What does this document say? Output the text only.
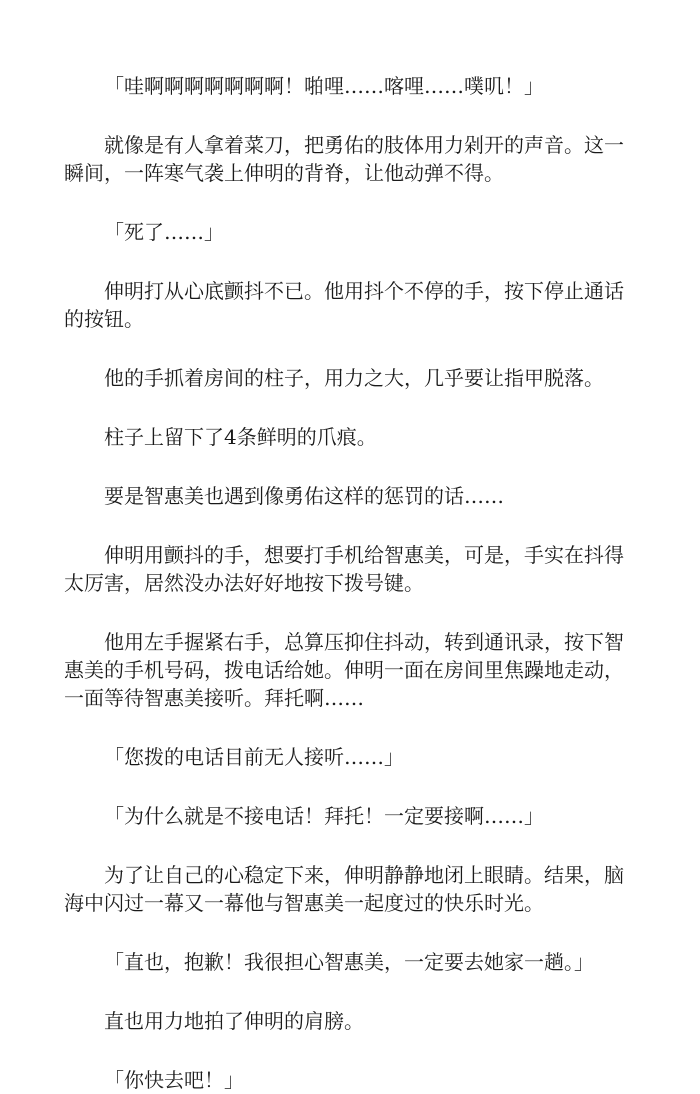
「哇啊啊啊啊啊啊啊！啪哩……喀哩……噗叽！」

就像是有人拿着菜刀，把勇佑的肢体用力剁开的声音。这一瞬间，一阵寒气袭上伸明的背脊，让他动弹不得。

「死了……」

伸明打从心底颤抖不已。他用抖个不停的手，按下停止通话的按钮。

他的手抓着房间的柱子，用力之大，几乎要让指甲脱落。

柱子上留下了4条鲜明的爪痕。

要是智惠美也遇到像勇佑这样的惩罚的话……

伸明用颤抖的手，想要打手机给智惠美，可是，手实在抖得太厉害，居然没办法好好地按下拨号键。

他用左手握紧右手，总算压抑住抖动，转到通讯录，按下智惠美的手机号码，拨电话给她。伸明一面在房间里焦躁地走动，一面等待智惠美接听。拜托啊……

「您拨的电话目前无人接听……」

「为什么就是不接电话！拜托！一定要接啊……」

为了让自己的心稳定下来，伸明静静地闭上眼睛。结果，脑海中闪过一幕又一幕他与智惠美一起度过的快乐时光。

「直也，抱歉！我很担心智惠美，一定要去她家一趟。」

直也用力地拍了伸明的肩膀。

「你快去吧！」
